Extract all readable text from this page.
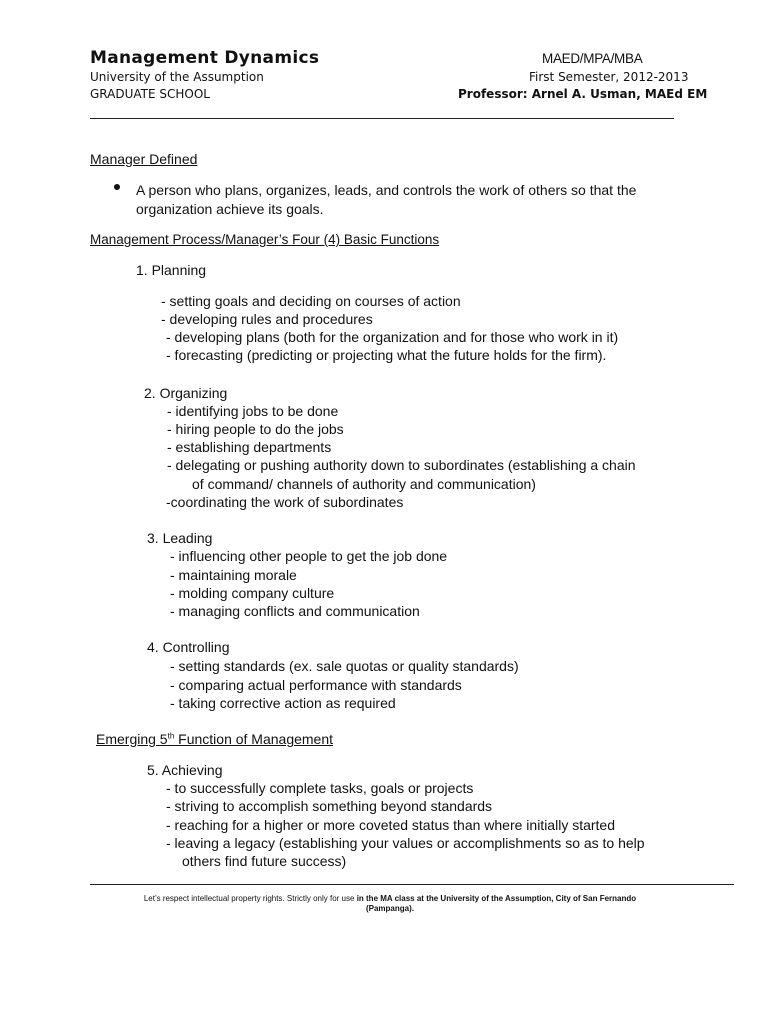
Management Dynamics	MAED/MPA/MBA
University of the Assumption	First Semester, 2012-2013
GRADUATE SCHOOL	Professor: Arnel A. Usman, MAEd EM
Manager Defined
A person who plans, organizes, leads, and controls the work of others so that the
organization achieve its goals.
Management Process/Manager’s Four (4) Basic Functions
1. Planning
- setting goals and deciding on courses of action
- developing rules and procedures
- developing plans (both for the organization and for those who work in it)
- forecasting (predicting or projecting what the future holds for the firm).
2. Organizing
- identifying jobs to be done
- hiring people to do the jobs
- establishing departments
- delegating or pushing authority down to subordinates (establishing a chain
of command/ channels of authority and communication)
-coordinating the work of subordinates
3. Leading
- influencing other people to get the job done
- maintaining morale
- molding company culture
- managing conflicts and communication
4. Controlling
- setting standards (ex. sale quotas or quality standards)
- comparing actual performance with standards
- taking corrective action as required
Emerging 5th Function of Management
5. Achieving
- to successfully complete tasks, goals or projects
- striving to accomplish something beyond standards
- reaching for a higher or more coveted status than where initially started
- leaving a legacy (establishing your values or accomplishments so as to help
others find future success)
Let’s respect intellectual property rights. Strictly only for use in the MA class at the University of the Assumption, City of San Fernando
(Pampanga).
